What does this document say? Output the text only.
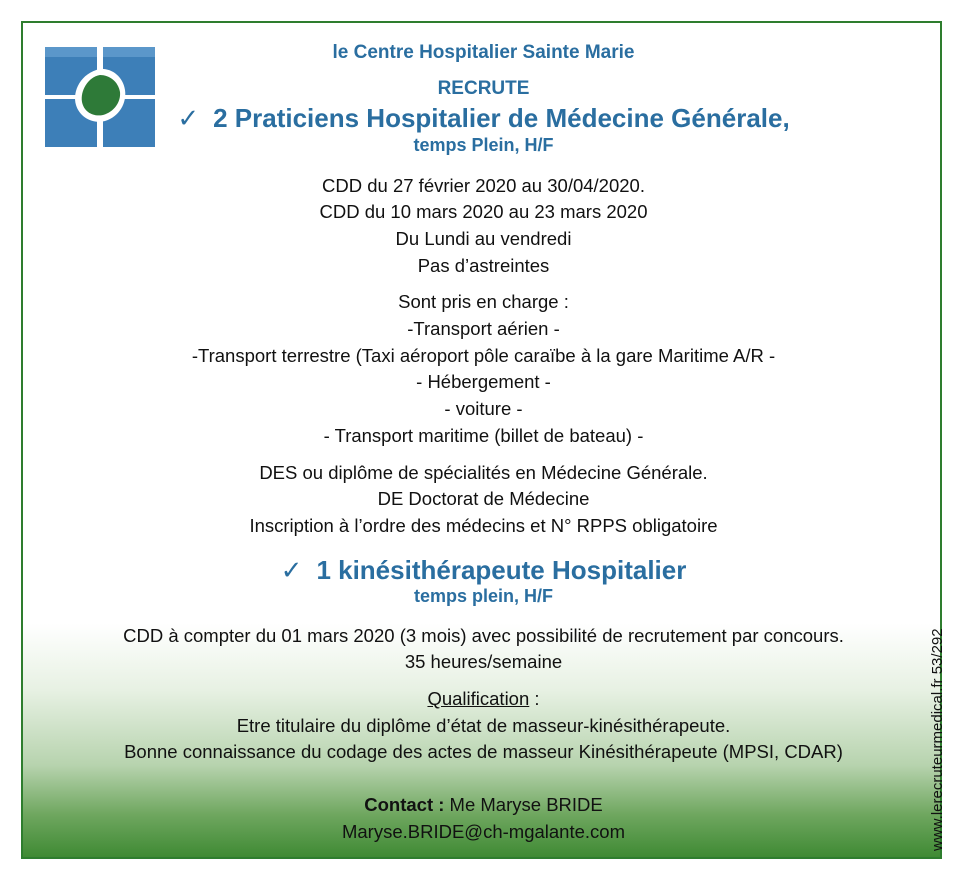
le Centre Hospitalier Sainte Marie
RECRUTE
✓ 2 Praticiens Hospitalier de Médecine Générale,
temps Plein, H/F
CDD du 27 février 2020 au 30/04/2020.
CDD du 10 mars 2020 au 23 mars 2020
Du Lundi au vendredi
Pas d’astreintes
Sont pris en charge :
-Transport aérien -
-Transport terrestre (Taxi aéroport pôle caraïbe à la gare Maritime A/R -
- Hébergement -
- voiture -
- Transport maritime (billet de bateau) -
DES ou diplôme de spécialités en Médecine Générale.
DE Doctorat de Médecine
Inscription à l’ordre des médecins et N° RPPS obligatoire
✓ 1 kinésithérapeute Hospitalier
temps plein, H/F
CDD à compter du 01 mars 2020 (3 mois) avec possibilité de recrutement par concours.
35 heures/semaine
Qualification :
Etre titulaire du diplôme d’état de masseur-kinésithérapeute.
Bonne connaissance du codage des actes de masseur Kinésithérapeute (MPSI, CDAR)
Contact : Me Maryse BRIDE
Maryse.BRIDE@ch-mgalante.com	www.lerecruteurmedical.fr 53/292
